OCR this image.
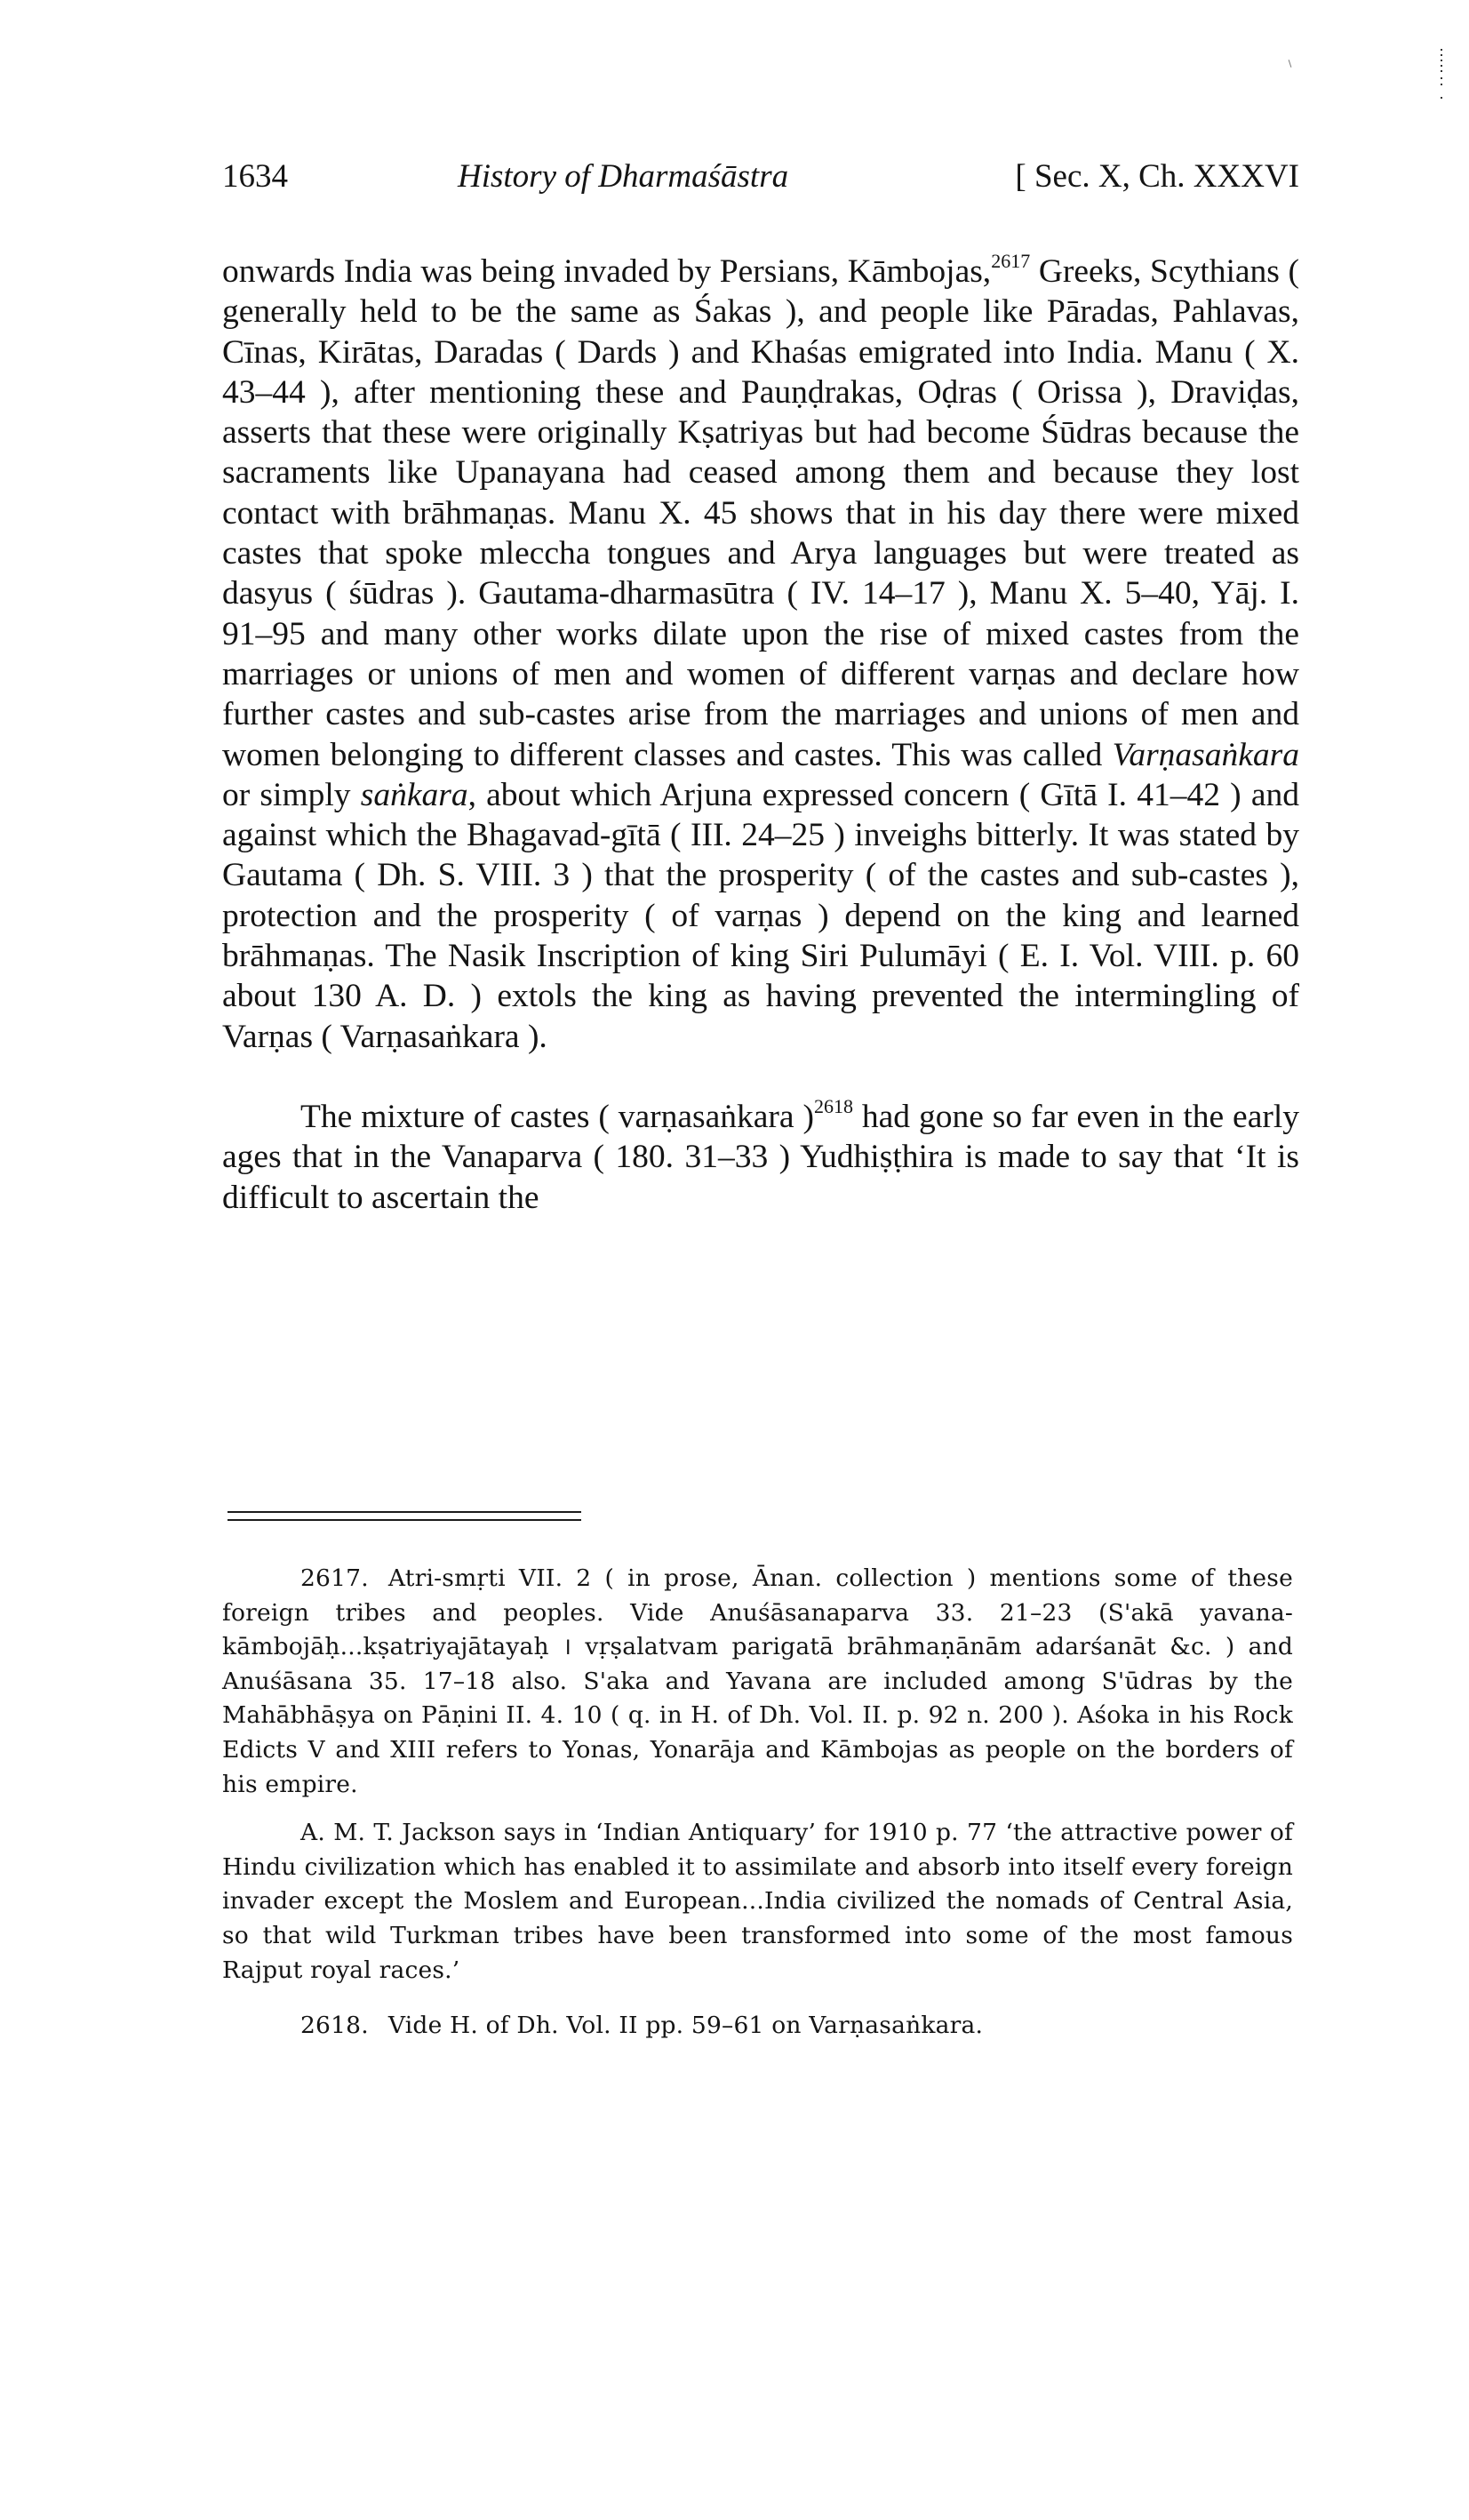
1634	History of Dharmaśāstra	[ Sec. X, Ch. XXXVI

onwards India was being invaded by Persians, Kāmbojas,$^{2617}$ Greeks, Scythians ( generally held to be the same as Śakas ), and people like Pāradas, Pahlavas, Cīnas, Kirātas, Daradas ( Dards ) and Khaśas emigrated into India. Manu ( X. 43–44 ), after mentioning these and Pauṇḍrakas, Oḍras ( Orissa ), Draviḍas, asserts that these were originally Kṣatriyas but had become Śūdras because the sacraments like Upanayana had ceased among them and because they lost contact with brāhmaṇas. Manu X. 45 shows that in his day there were mixed castes that spoke mleccha tongues and Arya languages but were treated as dasyus ( śūdras ). Gautama-dharmasūtra ( IV. 14–17 ), Manu X. 5–40, Yāj. I. 91–95 and many other works dilate upon the rise of mixed castes from the marriages or unions of men and women of different varṇas and declare how further castes and sub-castes arise from the marriages and unions of men and women belonging to different classes and castes. This was called Varṇasaṅkara or simply saṅkara, about which Arjuna expressed concern ( Gītā I. 41–42 ) and against which the Bhagavad-gītā ( III. 24–25 ) inveighs bitterly. It was stated by Gautama ( Dh. S. VIII. 3 ) that the prosperity ( of the castes and sub-castes ), protection and the prosperity ( of varṇas ) depend on the king and learned brāhmaṇas. The Nasik Inscription of king Siri Pulumāyi ( E. I. Vol. VIII. p. 60 about 130 A. D. ) extols the king as having prevented the intermingling of Varṇas ( Varṇasaṅkara ).

The mixture of castes ( varṇasaṅkara )$^{2618}$ had gone so far even in the early ages that in the Vanaparva ( 180. 31–33 ) Yudhiṣṭhira is made to say that ‘It is difficult to ascertain the

2617. Atri-smṛti VII. 2 ( in prose, Ānan. collection ) mentions some of these foreign tribes and peoples. Vide Anuśāsanaparva 33. 21–23 (S'akā yavana-kāmbojāḥ...kṣatriyajātayaḥ । vṛṣalatvam parigatā brāhmaṇānām adarśanāt &c. ) and Anuśāsana 35. 17–18 also. S'aka and Yavana are included among S'ūdras by the Mahābhāṣya on Pāṇini II. 4. 10 ( q. in H. of Dh. Vol. II. p. 92 n. 200 ). Aśoka in his Rock Edicts V and XIII refers to Yonas, Yonarāja and Kāmbojas as people on the borders of his empire.

A. M. T. Jackson says in ‘Indian Antiquary’ for 1910 p. 77 ‘the attractive power of Hindu civilization which has enabled it to assimilate and absorb into itself every foreign invader except the Moslem and European...India civilized the nomads of Central Asia, so that wild Turkman tribes have been transformed into some of the most famous Rajput royal races.’

2618. Vide H. of Dh. Vol. II pp. 59–61 on Varṇasaṅkara.
